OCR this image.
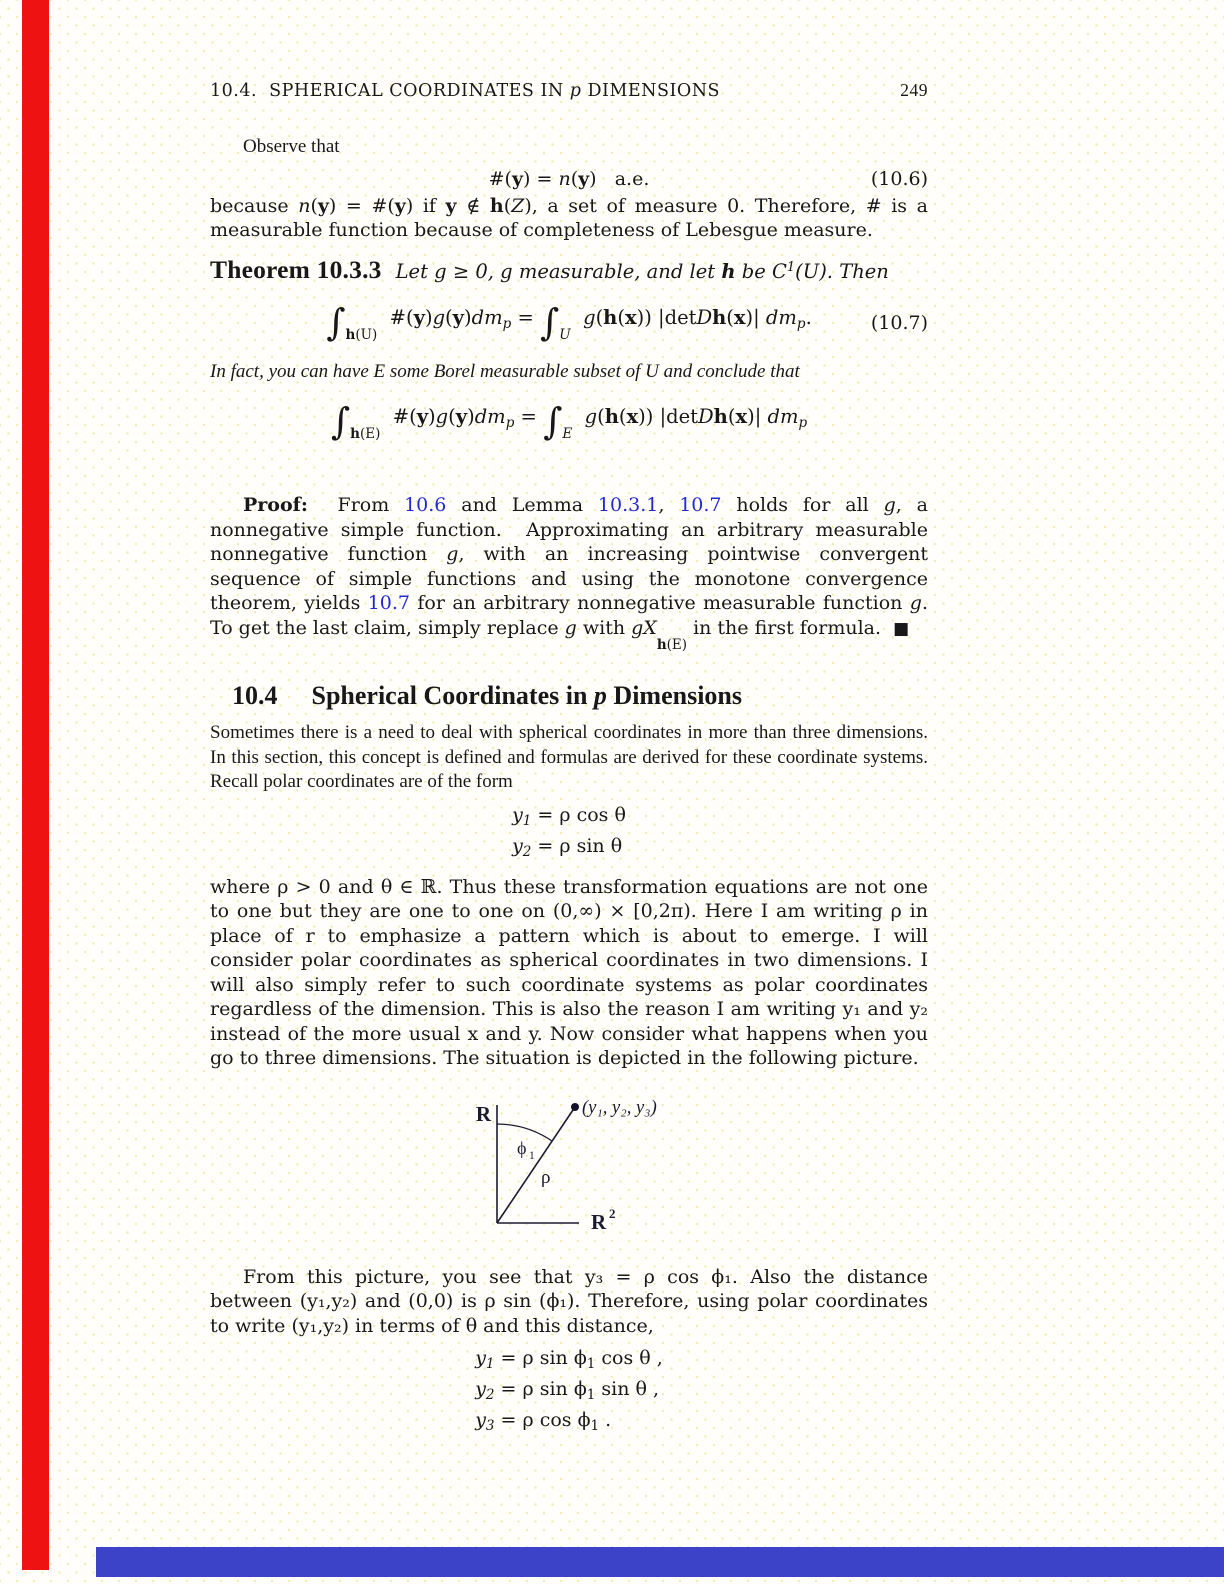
10.4.  SPHERICAL COORDINATES IN p DIMENSIONS	249

Observe that

#(y) = n(y)   a.e.	(10.6)

because n(y) = #(y) if y ∉ h(Z), a set of measure 0. Therefore, # is a measurable function because of completeness of Lebesgue measure.

Theorem 10.3.3 Let g ≥ 0, g measurable, and let h be $C^1(U)$. Then
$\int_{h(U)}$  $\#(y)g(y)dm_p = \int_U$  g(h(x)) |detDh(x)| $dm_p$.	(10.7)

In fact, you can have E some Borel measurable subset of U and conclude that

$\int_{h(E)}$  $\#(y)g(y)dm_p = \int_E$  g(h(x)) |detDh(x)| $dm_p$

Proof:  From 10.6 and Lemma 10.3.1, 10.7 holds for all g, a nonnegative simple function.  Approximating an arbitrary measurable nonnegative function g, with an increasing pointwise convergent sequence of simple functions and using the monotone convergence theorem, yields 10.7 for an arbitrary nonnegative measurable function g.  To get the last claim, simply replace g with $gX_{h(E)}$ in the first formula.  ■

10.4 Spherical Coordinates in p Dimensions

Sometimes there is a need to deal with spherical coordinates in more than three dimensions. In this section, this concept is defined and formulas are derived for these coordinate systems. Recall polar coordinates are of the form

$y_1 = \rho$ cos θ
$y_2 = \rho$ sin θ

where ρ > 0 and θ ∈ ℝ. Thus these transformation equations are not one to one but they are one to one on (0,∞) × [0,2π). Here I am writing ρ in place of r to emphasize a pattern which is about to emerge. I will consider polar coordinates as spherical coordinates in two dimensions. I will also simply refer to such coordinate systems as polar coordinates regardless of the dimension. This is also the reason I am writing y₁ and y₂ instead of the more usual x and y. Now consider what happens when you go to three dimensions. The situation is depicted in the following picture.

R
R 2
(y₁, y₂, y₃)
ϕ 1
ρ

From this picture, you see that y₃ = ρ cos ϕ₁. Also the distance between (y₁,y₂) and (0,0) is ρ sin (ϕ₁). Therefore, using polar coordinates to write (y₁,y₂) in terms of θ and this distance,

$y_1 = \rho$ $\sin \phi_1$ cos θ ,
$y_2 = \rho$ $\sin \phi_1$ sin θ ,
$y_3 = \rho$ $\cos \phi_1$ .
